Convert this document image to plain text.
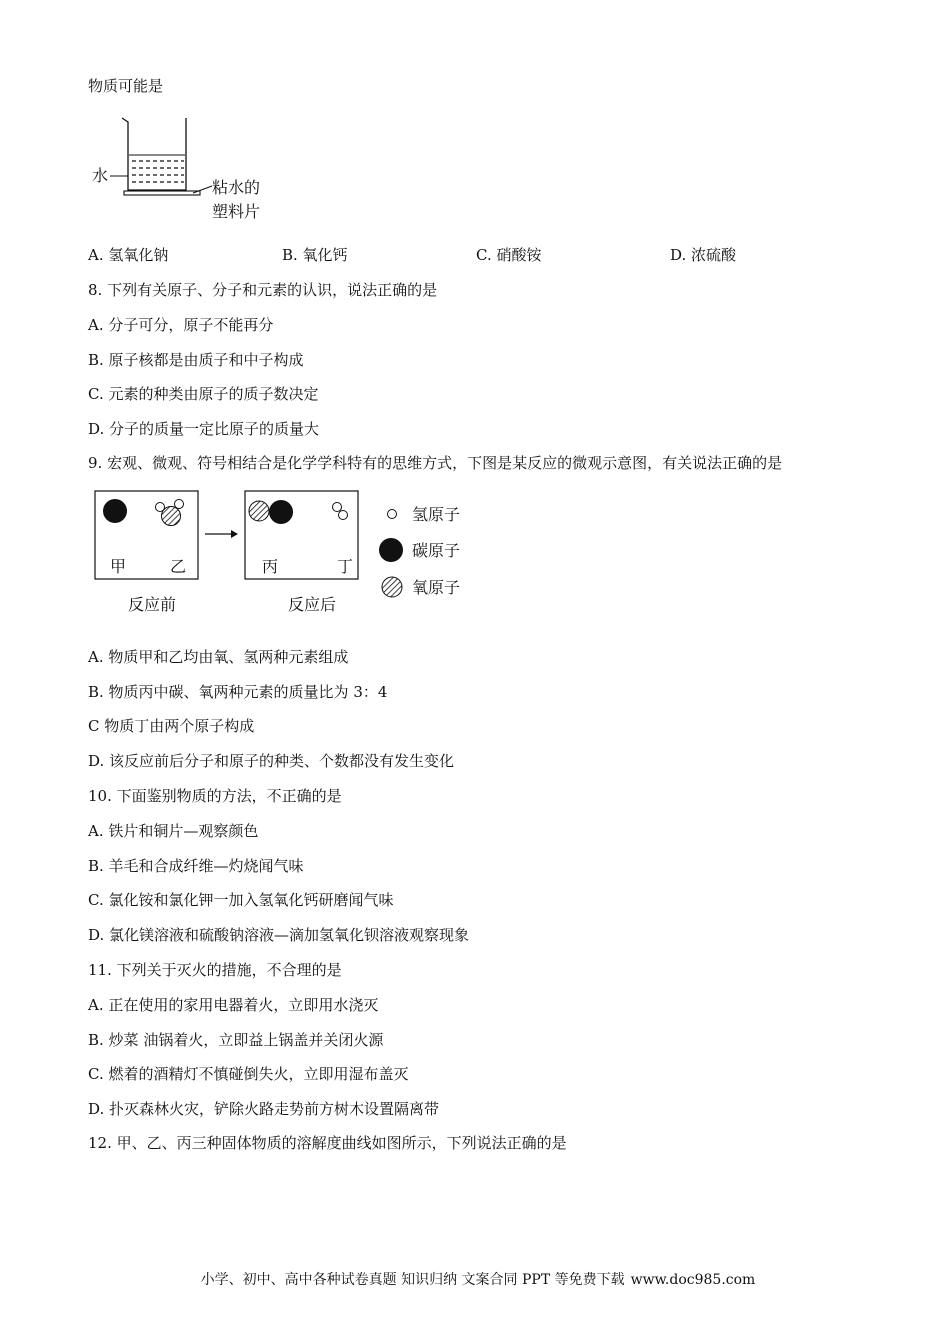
物质可能是
水
粘水的
塑料片
A. 氢氧化钠	B. 氧化钙	C. 硝酸铵	D. 浓硫酸
8. 下列有关原子、分子和元素的认识，说法正确的是
A. 分子可分，原子不能再分
B. 原子核都是由质子和中子构成
C. 元素的种类由原子的质子数决定
D. 分子的质量一定比原子的质量大
9. 宏观、微观、符号相结合是化学学科特有的思维方式，下图是某反应的微观示意图，有关说法正确的是
甲	乙	丙	丁
反应前	反应后
氢原子
碳原子
氧原子
A. 物质甲和乙均由氧、氢两种元素组成
B. 物质丙中碳、氧两种元素的质量比为 3：4
C 物质丁由两个原子构成
D. 该反应前后分子和原子的种类、个数都没有发生变化
10. 下面鉴别物质的方法，不正确的是
A. 铁片和铜片—观察颜色
B. 羊毛和合成纤维—灼烧闻气味
C. 氯化铵和氯化钾一加入氢氧化钙研磨闻气味
D. 氯化镁溶液和硫酸钠溶液—滴加氢氧化钡溶液观察现象
11. 下列关于灭火的措施，不合理的是
A. 正在使用的家用电器着火，立即用水浇灭
B. 炒菜 油锅着火，立即益上锅盖并关闭火源
C. 燃着的酒精灯不慎碰倒失火，立即用湿布盖灭
D. 扑灭森林火灾，铲除火路走势前方树木设置隔离带
12. 甲、乙、丙三种固体物质的溶解度曲线如图所示，下列说法正确的是
小学、初中、高中各种试卷真题 知识归纳 文案合同 PPT 等免费下载 www.doc985.com
